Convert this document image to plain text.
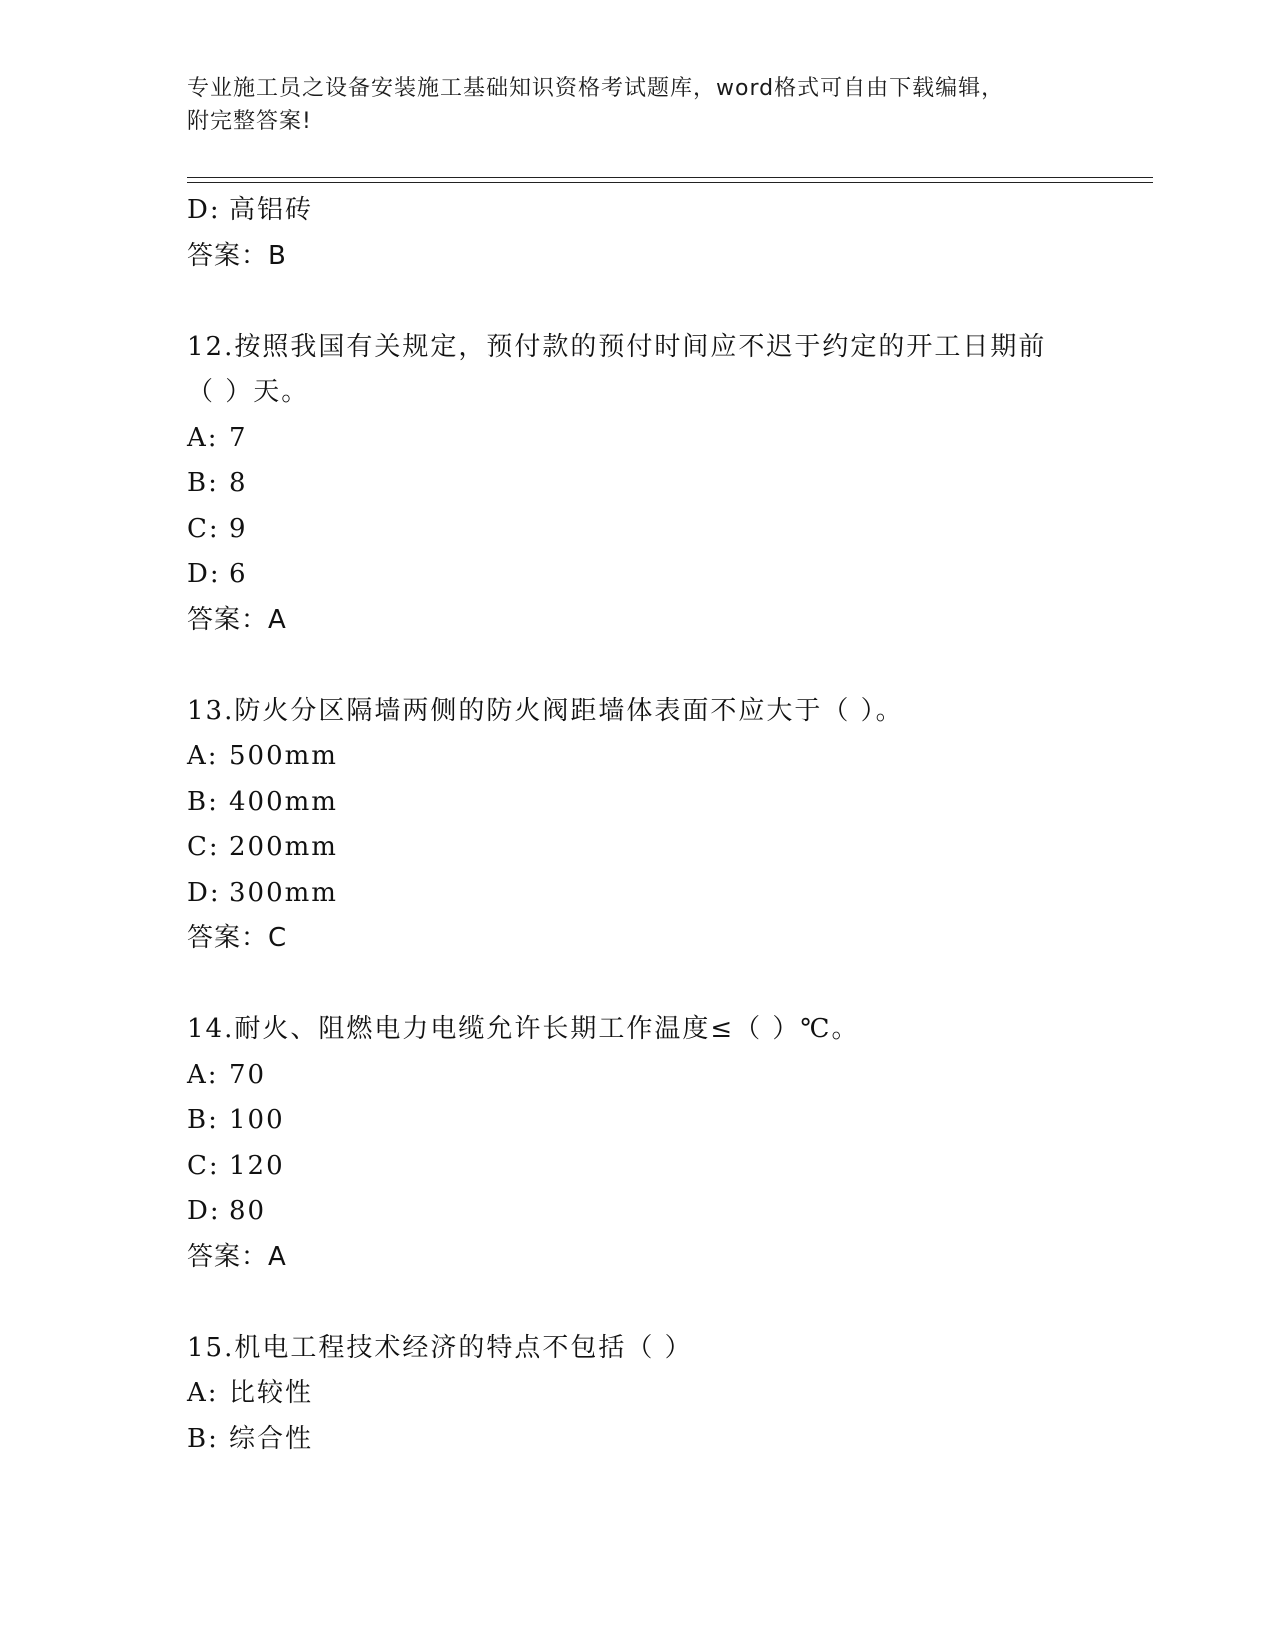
专业施工员之设备安装施工基础知识资格考试题库，word格式可自由下载编辑，
附完整答案!
D: 高铝砖
答案：B
12.按照我国有关规定，预付款的预付时间应不迟于约定的开工日期前（ ）天。
A: 7
B: 8
C: 9
D: 6
答案：A
13.防火分区隔墙两侧的防火阀距墙体表面不应大于（ ）。
A: 500mm
B: 400mm
C: 200mm
D: 300mm
答案：C
14.耐火、阻燃电力电缆允许长期工作温度≤（ ）℃。
A: 70
B: 100
C: 120
D: 80
答案：A
15.机电工程技术经济的特点不包括（ ）
A: 比较性
B: 综合性
